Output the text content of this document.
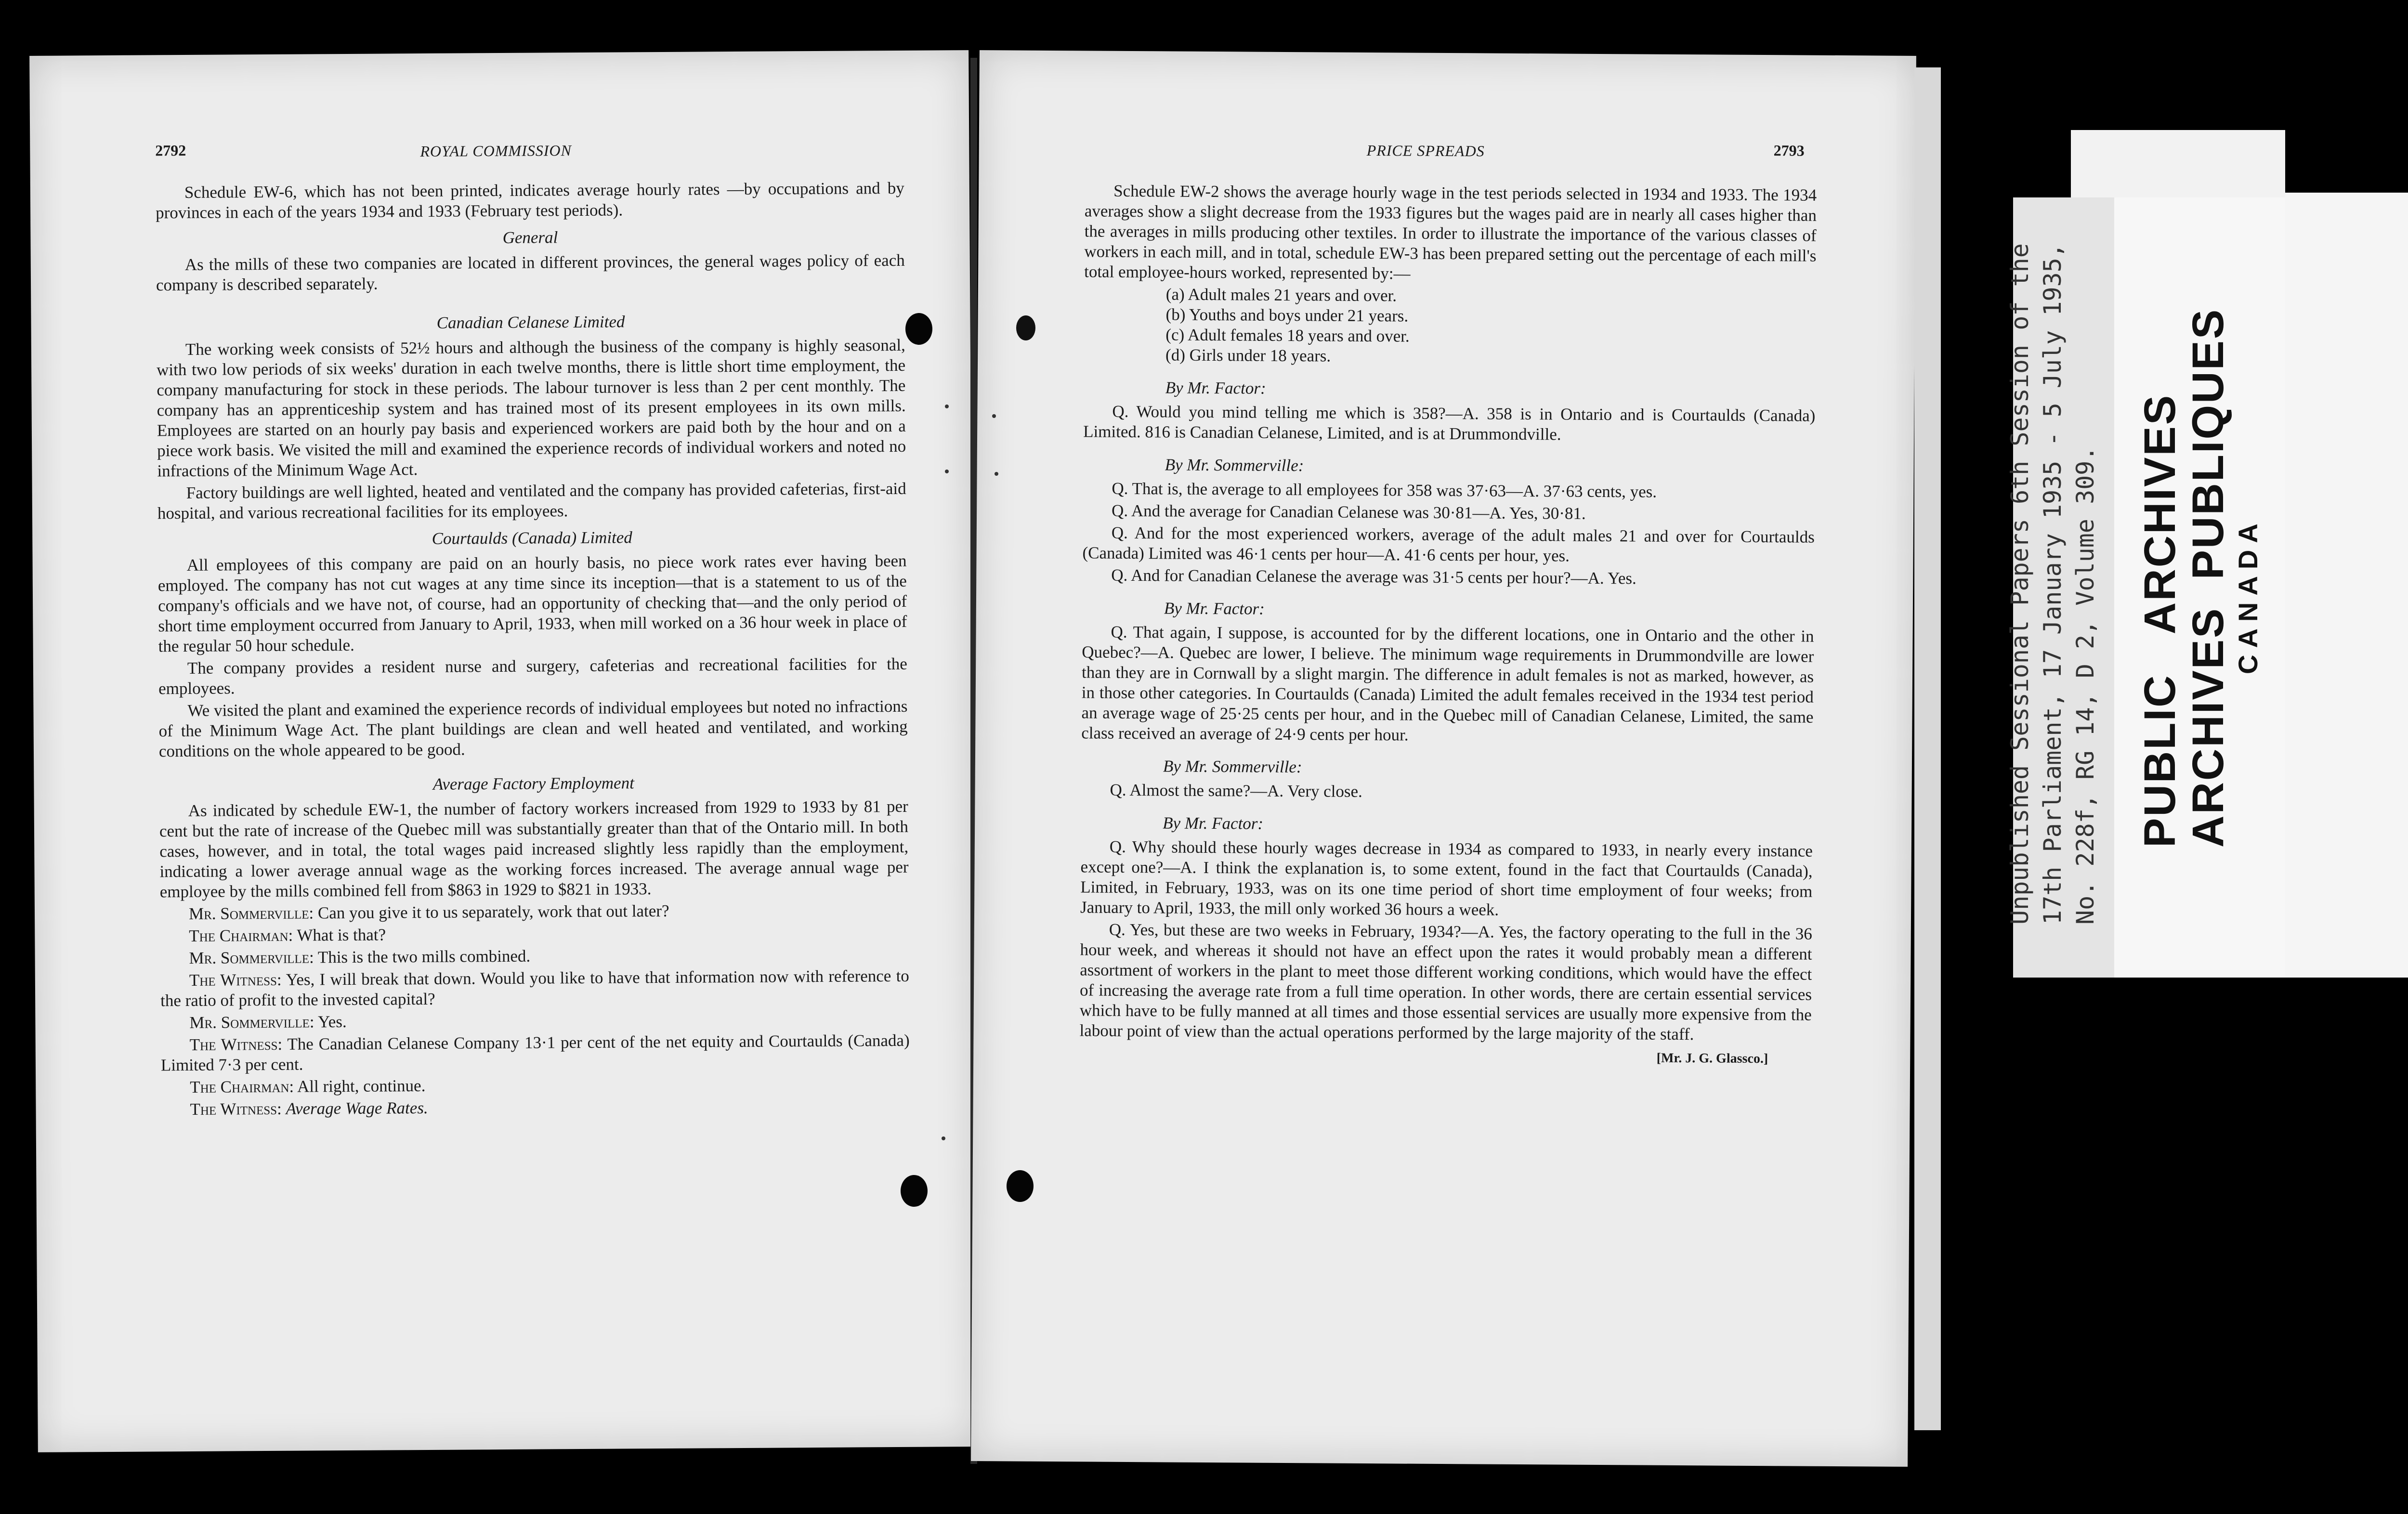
2792	ROYAL COMMISSION

Schedule EW-6, which has not been printed, indicates average hourly rates —by occupations and by provinces in each of the years 1934 and 1933 (February test periods).

General

As the mills of these two companies are located in different provinces, the general wages policy of each company is described separately.

Canadian Celanese Limited

The working week consists of 52½ hours and although the business of the company is highly seasonal, with two low periods of six weeks' duration in each twelve months, there is little short time employment, the company manufacturing for stock in these periods. The labour turnover is less than 2 per cent monthly. The company has an apprenticeship system and has trained most of its present employees in its own mills. Employees are started on an hourly pay basis and experienced workers are paid both by the hour and on a piece work basis. We visited the mill and examined the experience records of individual workers and noted no infractions of the Minimum Wage Act.

Factory buildings are well lighted, heated and ventilated and the company has provided cafeterias, first-aid hospital, and various recreational facilities for its employees.

Courtaulds (Canada) Limited

All employees of this company are paid on an hourly basis, no piece work rates ever having been employed. The company has not cut wages at any time since its inception—that is a statement to us of the company's officials and we have not, of course, had an opportunity of checking that—and the only period of short time employment occurred from January to April, 1933, when mill worked on a 36 hour week in place of the regular 50 hour schedule.

The company provides a resident nurse and surgery, cafeterias and recreational facilities for the employees.

We visited the plant and examined the experience records of individual employees but noted no infractions of the Minimum Wage Act. The plant buildings are clean and well heated and ventilated, and working conditions on the whole appeared to be good.

Average Factory Employment

As indicated by schedule EW-1, the number of factory workers increased from 1929 to 1933 by 81 per cent but the rate of increase of the Quebec mill was substantially greater than that of the Ontario mill. In both cases, however, and in total, the total wages paid increased slightly less rapidly than the employment, indicating a lower average annual wage as the working forces increased. The average annual wage per employee by the mills combined fell from $863 in 1929 to $821 in 1933.

Mr. Sommerville: Can you give it to us separately, work that out later?

The Chairman: What is that?

Mr. Sommerville: This is the two mills combined.

The Witness: Yes, I will break that down. Would you like to have that information now with reference to the ratio of profit to the invested capital?

Mr. Sommerville: Yes.

The Witness: The Canadian Celanese Company 13·1 per cent of the net equity and Courtaulds (Canada) Limited 7·3 per cent.

The Chairman: All right, continue.

The Witness: Average Wage Rates.

PRICE SPREADS	2793

Schedule EW-2 shows the average hourly wage in the test periods selected in 1934 and 1933. The 1934 averages show a slight decrease from the 1933 figures but the wages paid are in nearly all cases higher than the averages in mills producing other textiles. In order to illustrate the importance of the various classes of workers in each mill, and in total, schedule EW-3 has been prepared setting out the percentage of each mill's total employee-hours worked, represented by:—

(a) Adult males 21 years and over.

(b) Youths and boys under 21 years.

(c) Adult females 18 years and over.

(d) Girls under 18 years.

By Mr. Factor:

Q. Would you mind telling me which is 358?—A. 358 is in Ontario and is Courtaulds (Canada) Limited. 816 is Canadian Celanese, Limited, and is at Drummondville.

By Mr. Sommerville:

Q. That is, the average to all employees for 358 was 37·63—A. 37·63 cents, yes.

Q. And the average for Canadian Celanese was 30·81—A. Yes, 30·81.

Q. And for the most experienced workers, average of the adult males 21 and over for Courtaulds (Canada) Limited was 46·1 cents per hour—A. 41·6 cents per hour, yes.

Q. And for Canadian Celanese the average was 31·5 cents per hour?—A. Yes.

By Mr. Factor:

Q. That again, I suppose, is accounted for by the different locations, one in Ontario and the other in Quebec?—A. Quebec are lower, I believe. The minimum wage requirements in Drummondville are lower than they are in Cornwall by a slight margin. The difference in adult females is not as marked, however, as in those other categories. In Courtaulds (Canada) Limited the adult females received in the 1934 test period an average wage of 25·25 cents per hour, and in the Quebec mill of Canadian Celanese, Limited, the same class received an average of 24·9 cents per hour.

By Mr. Sommerville:

Q. Almost the same?—A. Very close.

By Mr. Factor:

Q. Why should these hourly wages decrease in 1934 as compared to 1933, in nearly every instance except one?—A. I think the explanation is, to some extent, found in the fact that Courtaulds (Canada), Limited, in February, 1933, was on its one time period of short time employment of four weeks; from January to April, 1933, the mill only worked 36 hours a week.

Q. Yes, but these are two weeks in February, 1934?—A. Yes, the factory operating to the full in the 36 hour week, and whereas it should not have an effect upon the rates it would probably mean a different assortment of workers in the plant to meet those different working conditions, which would have the effect of increasing the average rate from a full time operation. In other words, there are certain essential services which have to be fully manned at all times and those essential services are usually more expensive from the labour point of view than the actual operations performed by the large majority of the staff.

[Mr. J. G. Glassco.]

Unpublished Sessional Papers 6th Session of the 17th Parliament, 17 January 1935 - 5 July 1935, No. 228f, RG 14, D 2, Volume 309. PUBLIC   ARCHIVES
ARCHIVES  PUBLIQUES CANADA
